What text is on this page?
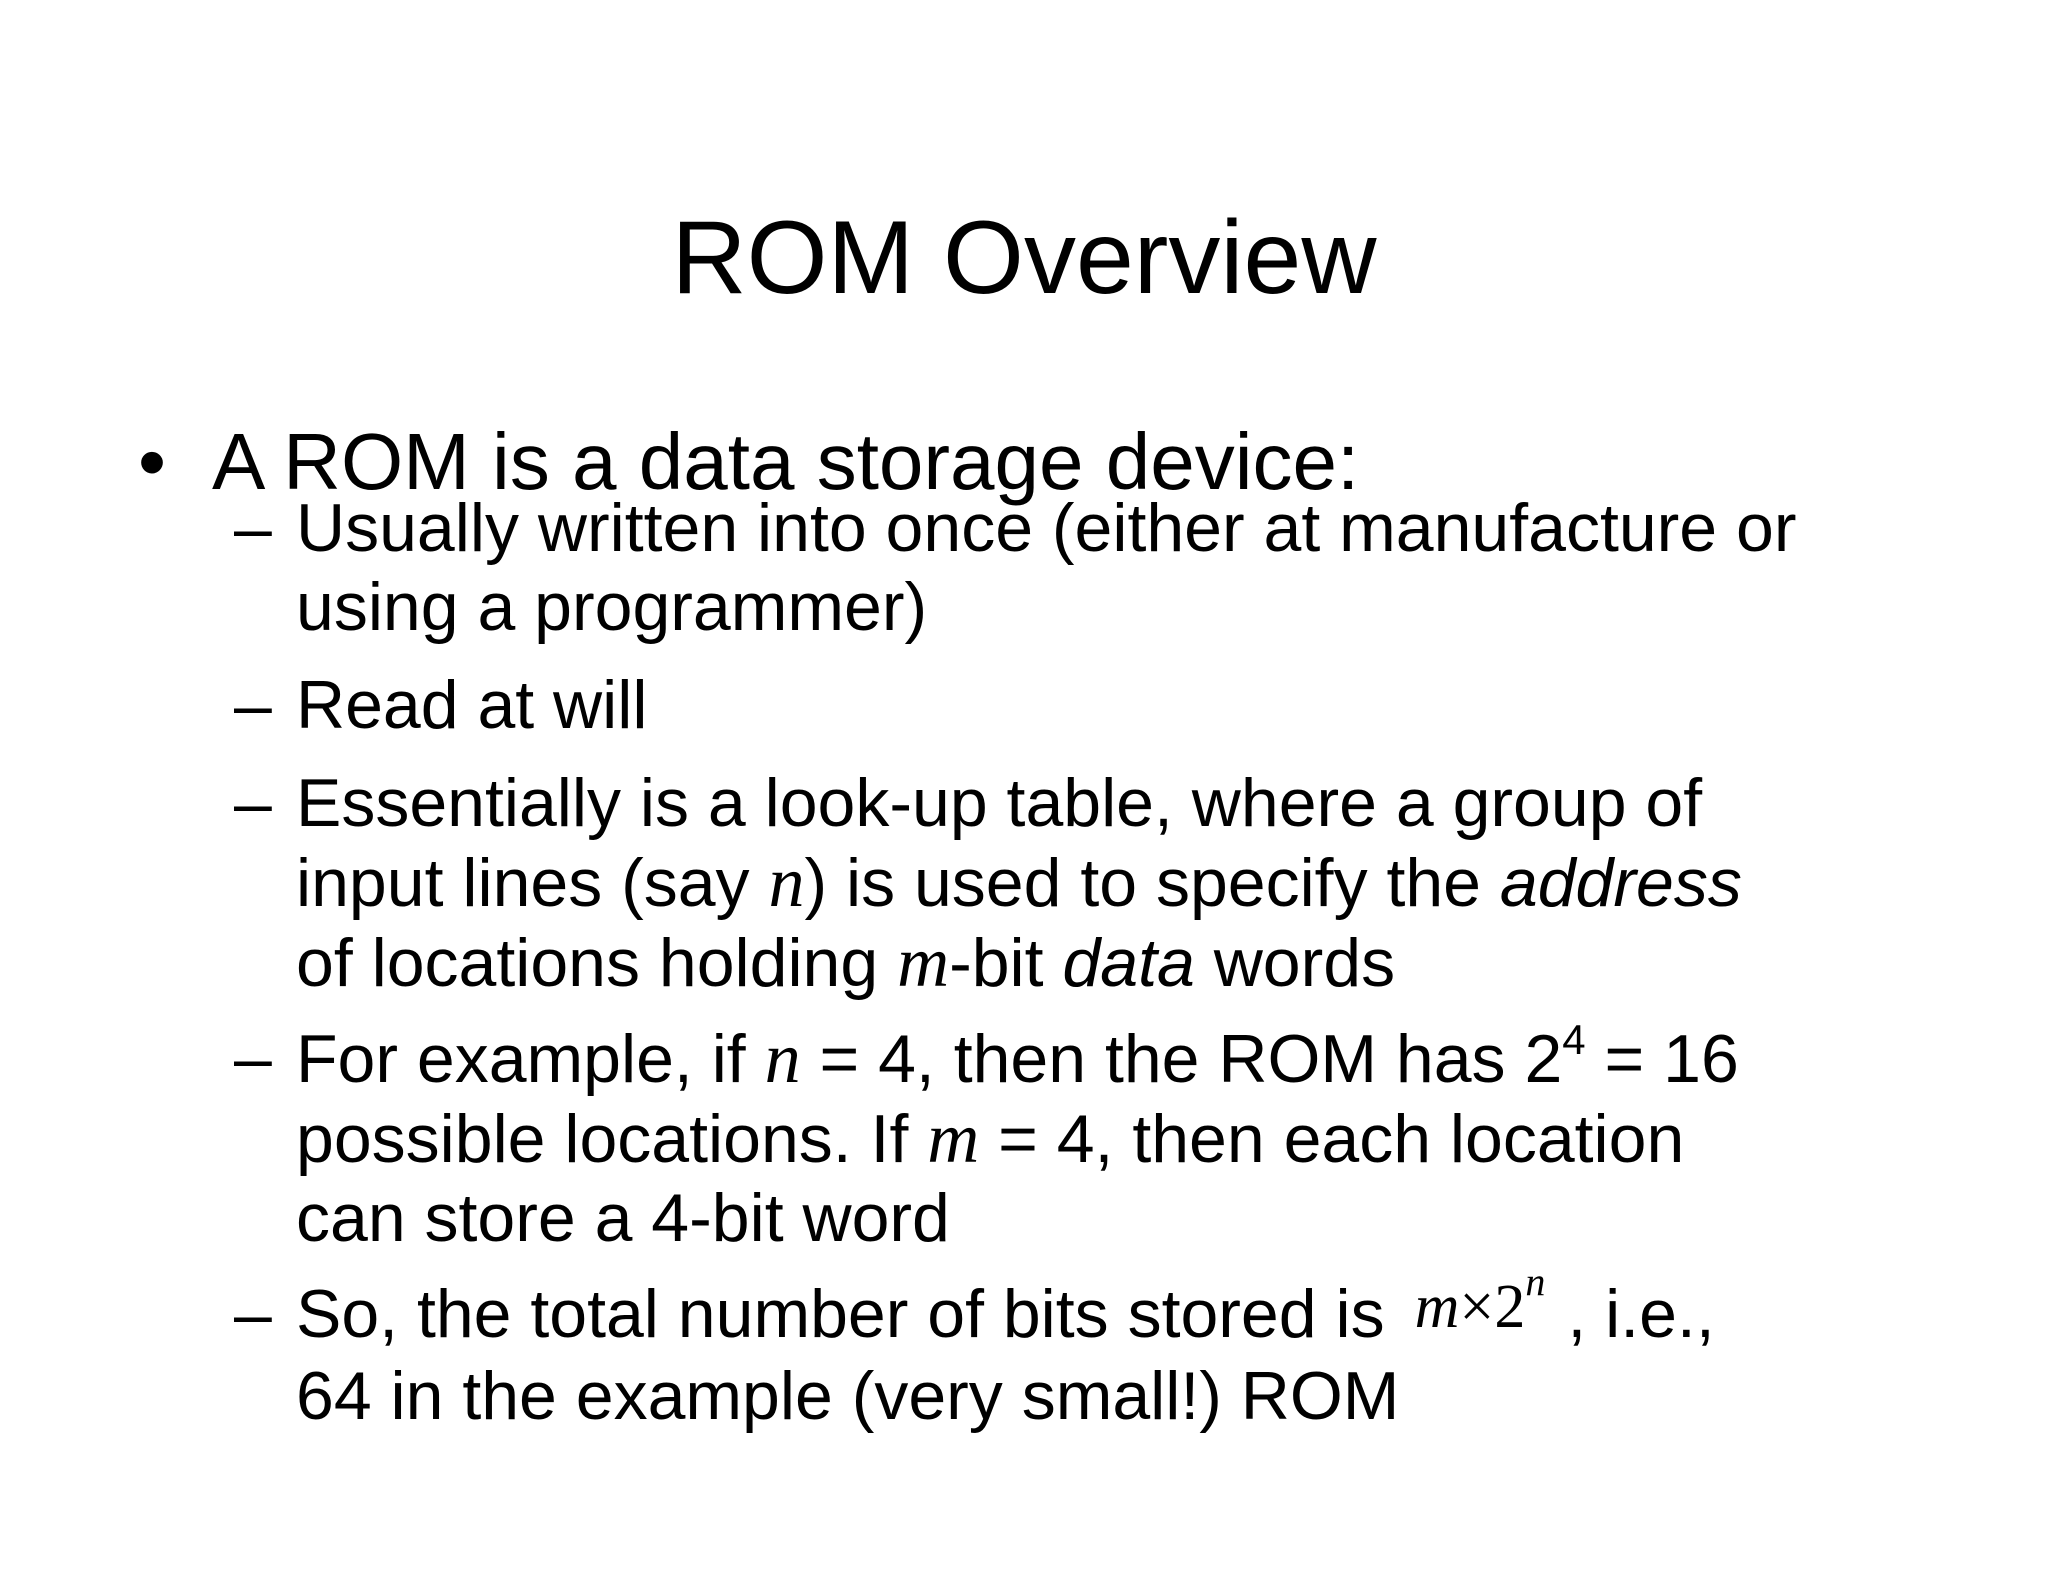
ROM Overview
• A ROM is a data storage device:
– Usually written into once (either at manufacture or
using a programmer)
– Read at will
– Essentially is a look-up table, where a group of
input lines (say n) is used to specify the address
of locations holding m-bit data words
– For example, if n = 4, then the ROM has $2^4 = 16$
possible locations. If m = 4, then each location
can store a 4-bit word
– So, the total number of bits stored is m×2$^n$ , i.e.,
64 in the example (very small!) ROM
